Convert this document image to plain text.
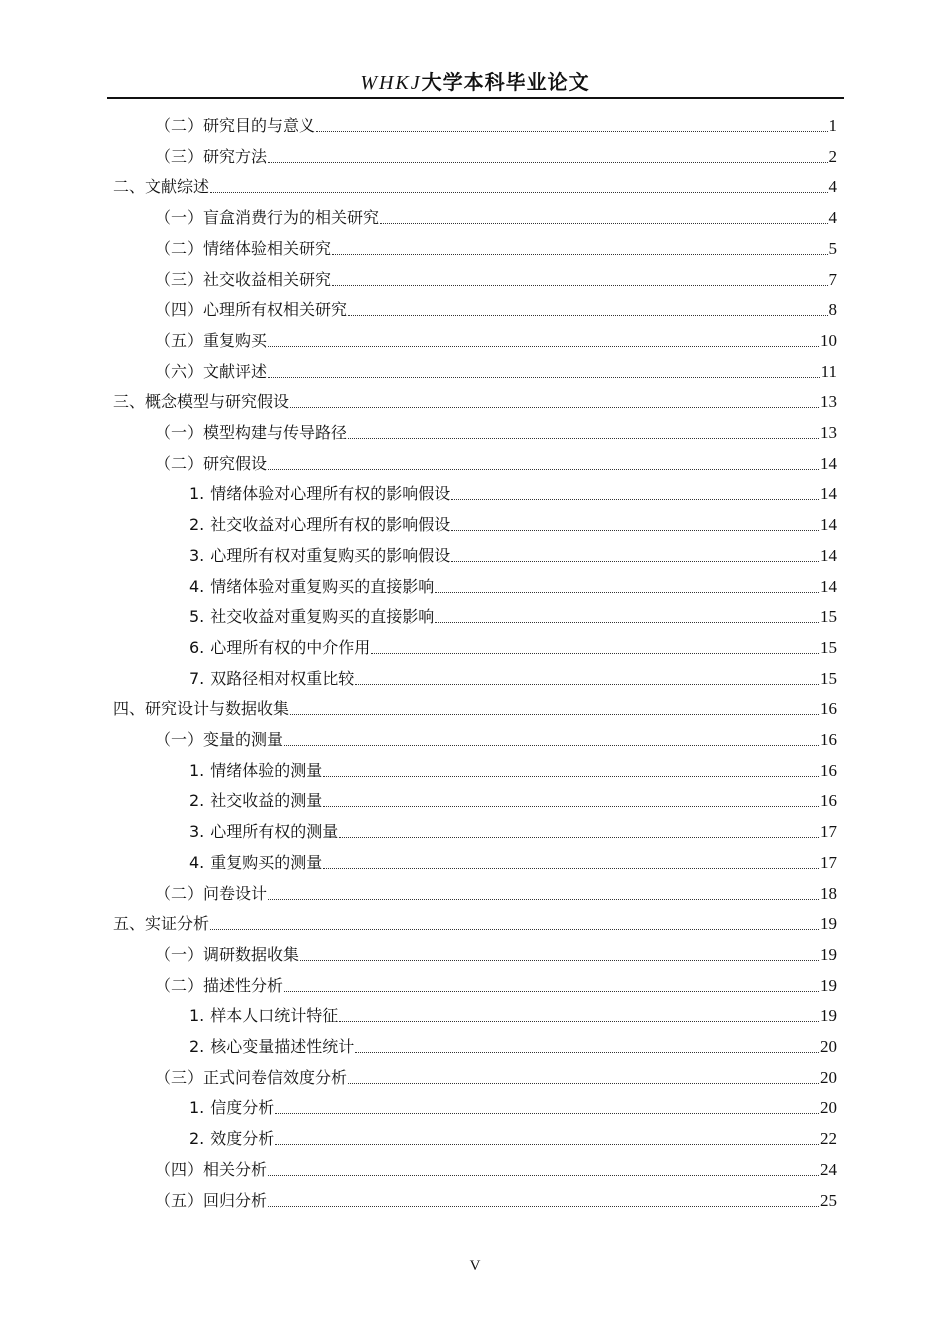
WHKJ大学本科毕业论文
（二）研究目的与意义	1
（三）研究方法	2
二、文献综述	4
（一）盲盒消费行为的相关研究	4
（二）情绪体验相关研究	5
（三）社交收益相关研究	7
（四）心理所有权相关研究	8
（五）重复购买	10
（六）文献评述	11
三、概念模型与研究假设	13
（一）模型构建与传导路径	13
（二）研究假设	14
1. 情绪体验对心理所有权的影响假设	14
2. 社交收益对心理所有权的影响假设	14
3. 心理所有权对重复购买的影响假设	14
4. 情绪体验对重复购买的直接影响	14
5. 社交收益对重复购买的直接影响	15
6. 心理所有权的中介作用	15
7. 双路径相对权重比较	15
四、研究设计与数据收集	16
（一）变量的测量	16
1. 情绪体验的测量	16
2. 社交收益的测量	16
3. 心理所有权的测量	17
4. 重复购买的测量	17
（二）问卷设计	18
五、实证分析	19
（一）调研数据收集	19
（二）描述性分析	19
1. 样本人口统计特征	19
2. 核心变量描述性统计	20
（三）正式问卷信效度分析	20
1. 信度分析	20
2. 效度分析	22
（四）相关分析	24
（五）回归分析	25
V
